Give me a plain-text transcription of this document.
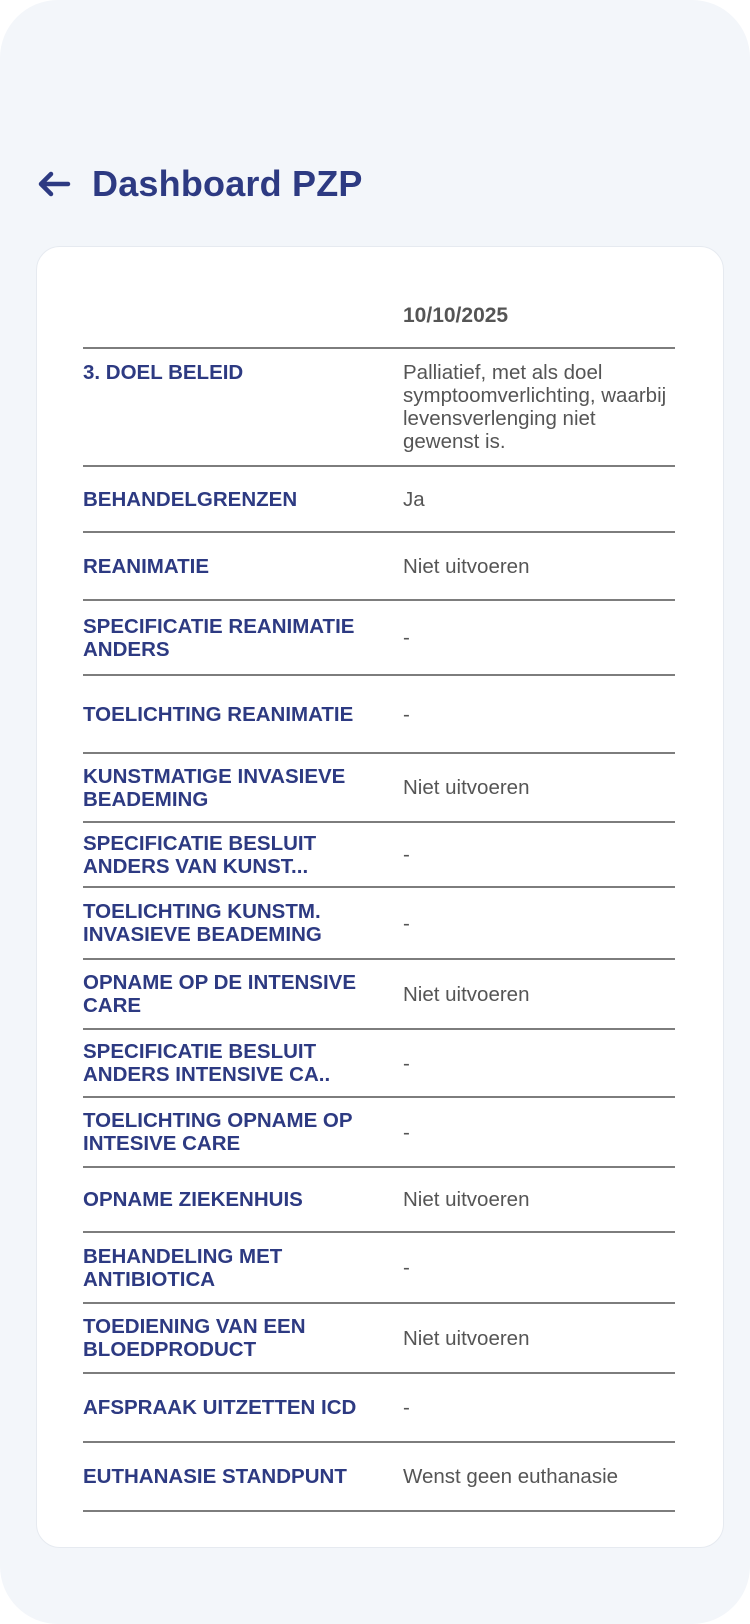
Dashboard PZP
10/10/2025
3. DOEL BELEID	Palliatief, met als doel symptoomverlichting, waarbij levensverlenging niet gewenst is.
BEHANDELGRENZEN	Ja
REANIMATIE	Niet uitvoeren
SPECIFICATIE REANIMATIE ANDERS	-
TOELICHTING REANIMATIE	-
KUNSTMATIGE INVASIEVE BEADEMING	Niet uitvoeren
SPECIFICATIE BESLUIT ANDERS VAN KUNST...	-
TOELICHTING KUNSTM. INVASIEVE BEADEMING	-
OPNAME OP DE INTENSIVE CARE	Niet uitvoeren
SPECIFICATIE BESLUIT ANDERS INTENSIVE CA..	-
TOELICHTING OPNAME OP INTESIVE CARE	-
OPNAME ZIEKENHUIS	Niet uitvoeren
BEHANDELING MET ANTIBIOTICA	-
TOEDIENING VAN EEN BLOEDPRODUCT	Niet uitvoeren
AFSPRAAK UITZETTEN ICD	-
EUTHANASIE STANDPUNT	Wenst geen euthanasie
